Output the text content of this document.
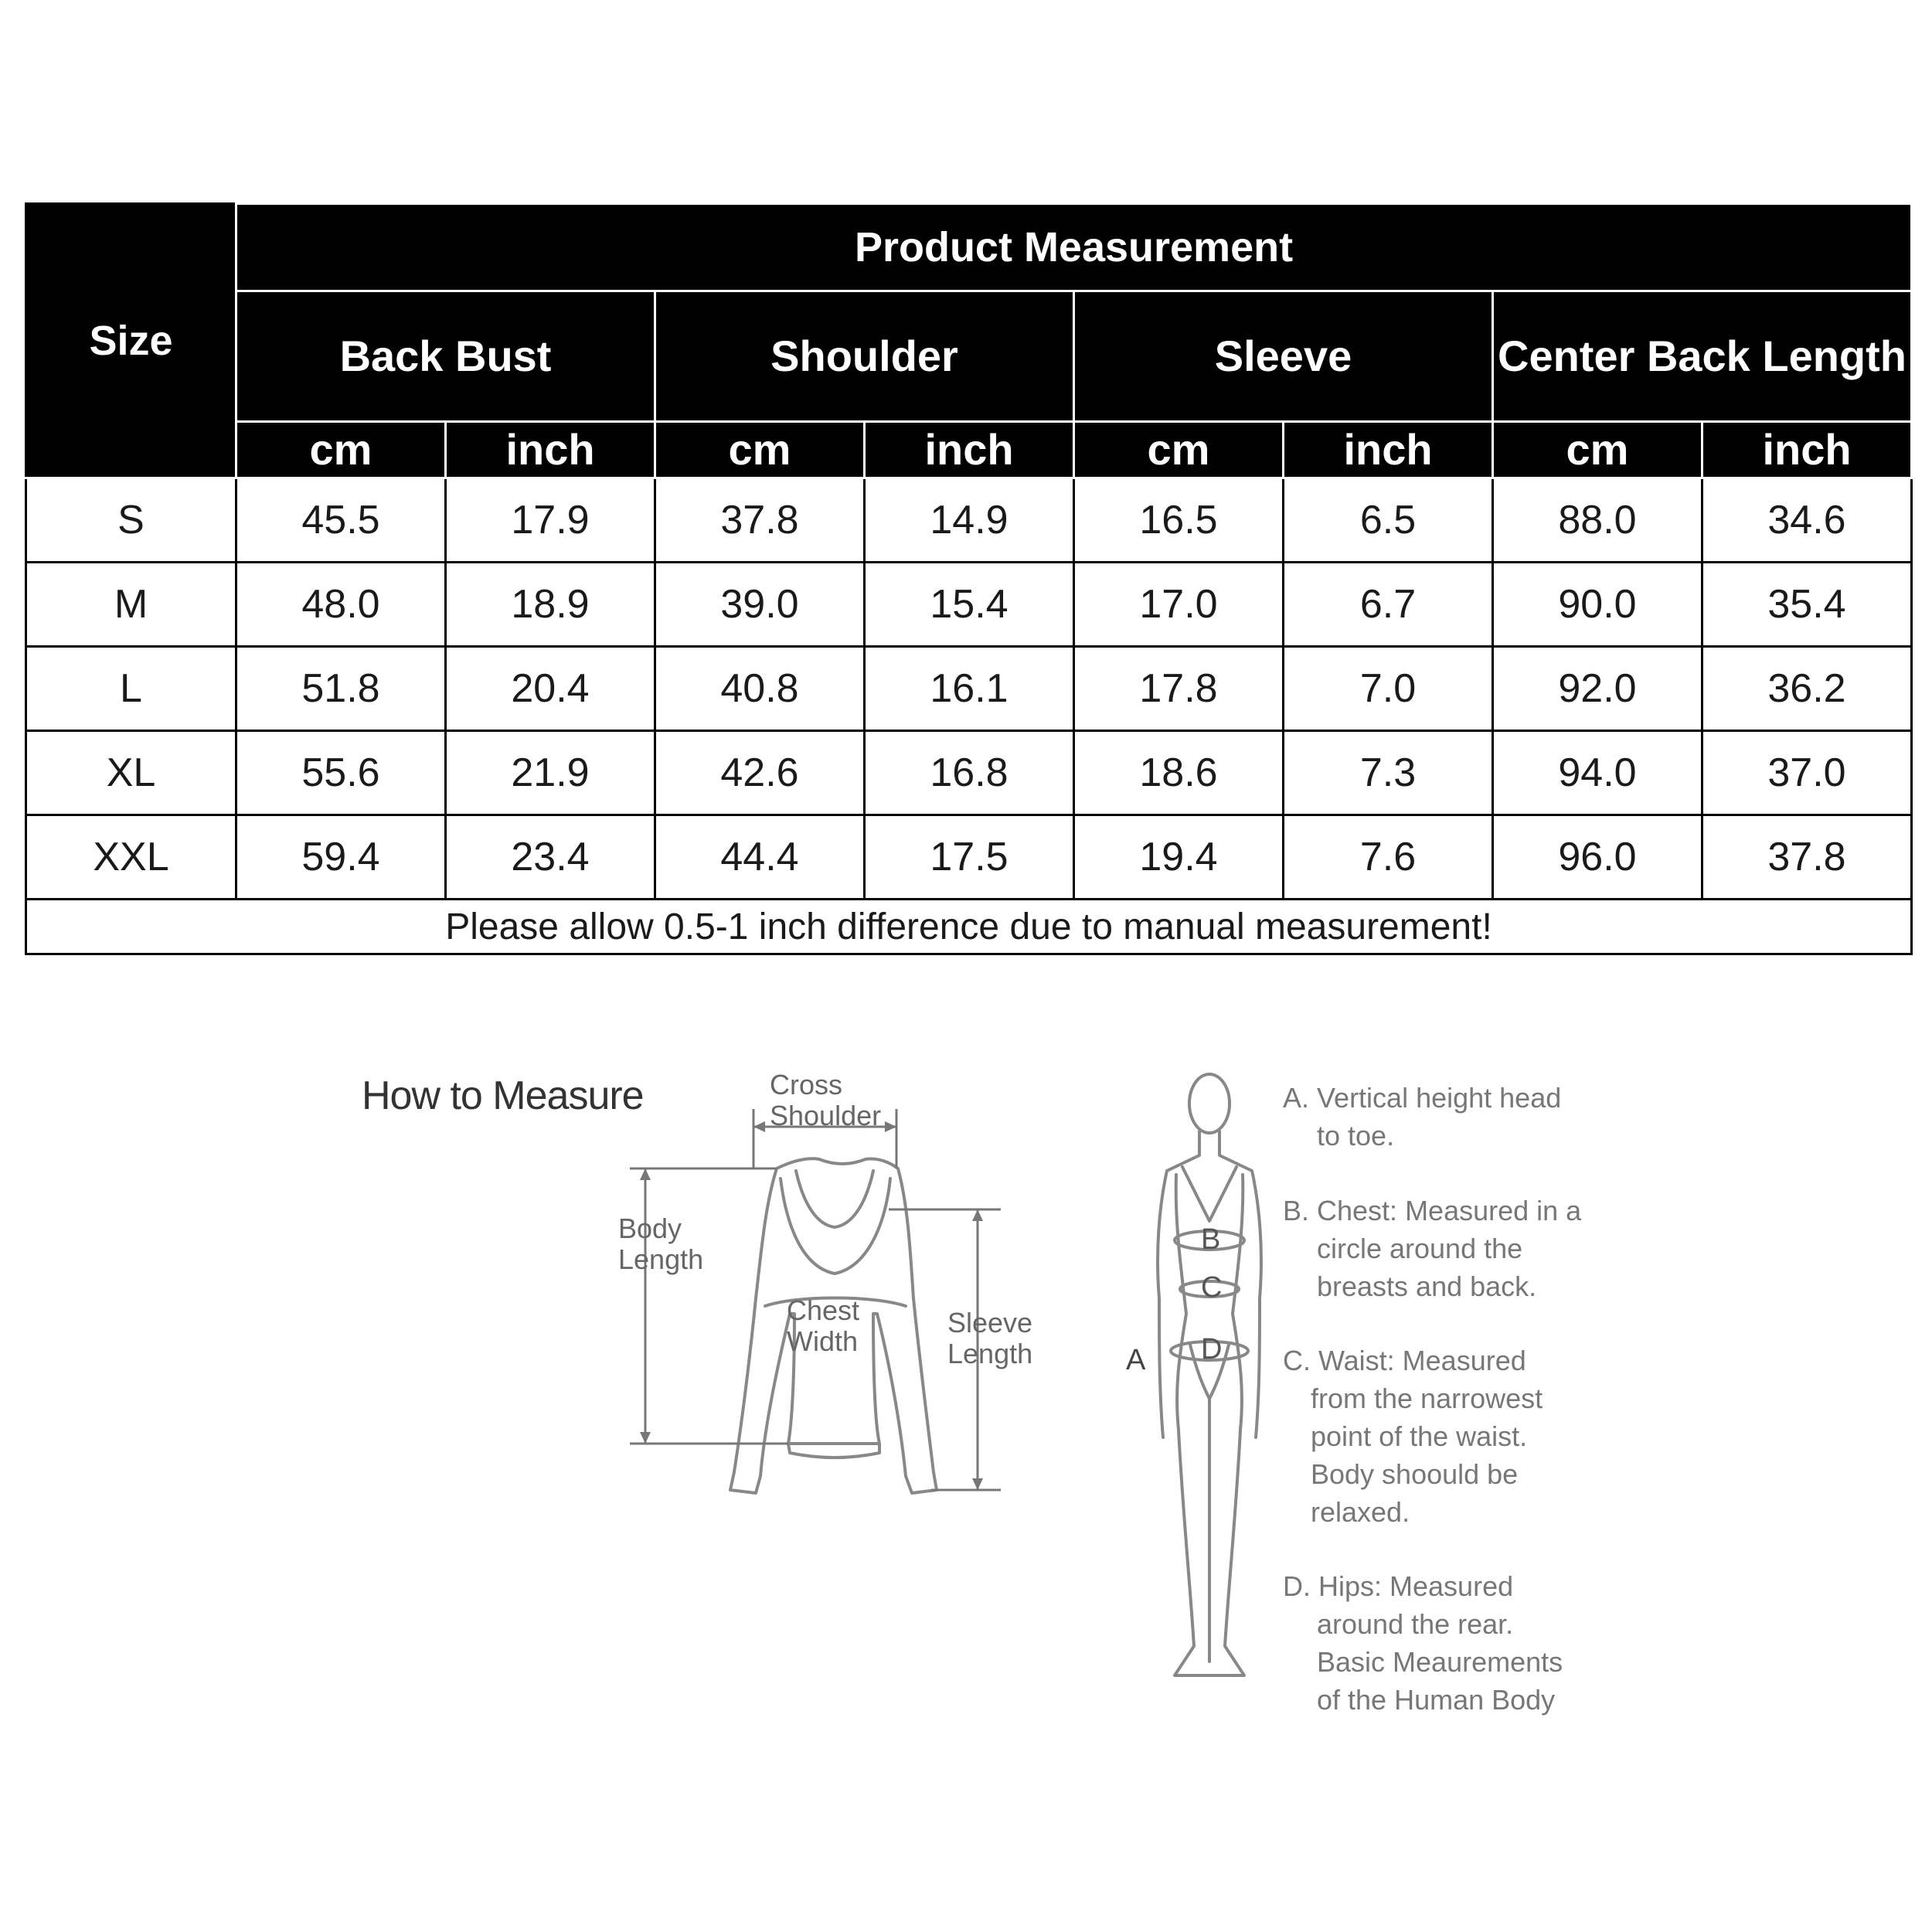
Size	Product Measurement							
	Back Bust		Shoulder		Sleeve		Center Back Length	
	cm	inch	cm	inch	cm	inch	cm	inch
S	45.5	17.9	37.8	14.9	16.5	6.5	88.0	34.6
M	48.0	18.9	39.0	15.4	17.0	6.7	90.0	35.4
L	51.8	20.4	40.8	16.1	17.8	7.0	92.0	36.2
XL	55.6	21.9	42.6	16.8	18.6	7.3	94.0	37.0
XXL	59.4	23.4	44.4	17.5	19.4	7.6	96.0	37.8
Please allow 0.5-1 inch difference due to manual measurement!								
How to Measure	Cross
Shoulder
Body
Length
Chest
Width
Sleeve
Length	A
B
C
D
A. Vertical height head
to toe.
B. Chest: Measured in a
circle around the
breasts and back.
C. Waist: Measured
from the narrowest
point of the waist.
Body shoould be
relaxed.
D. Hips: Measured
around the rear.
Basic Meaurements
of the Human Body
